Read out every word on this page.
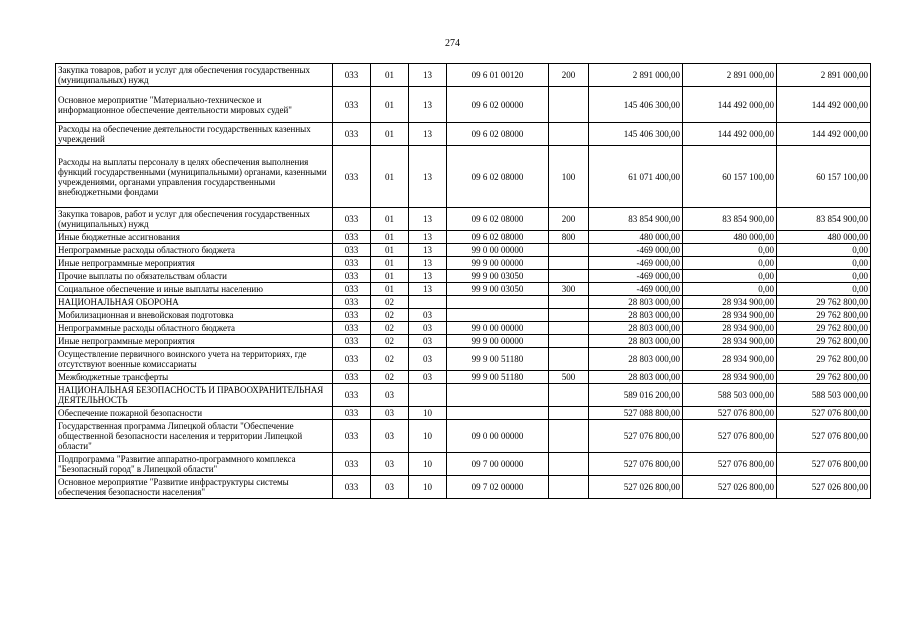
274
Закупка товаров, работ и услуг для обеспечения государственных (муниципальных) нужд	033	01	13	09 6 01 00120	200	2 891 000,00	2 891 000,00	2 891 000,00
Основное мероприятие "Материально-техническое и информационное обеспечение деятельности мировых судей"	033	01	13	09 6 02 00000		145 406 300,00	144 492 000,00	144 492 000,00
Расходы на обеспечение деятельности государственных казенных учреждений	033	01	13	09 6 02 08000		145 406 300,00	144 492 000,00	144 492 000,00
Расходы на выплаты персоналу в целях обеспечения выполнения функций государственными (муниципальными) органами, казенными учреждениями, органами управления государственными внебюджетными фондами	033	01	13	09 6 02 08000	100	61 071 400,00	60 157 100,00	60 157 100,00
Закупка товаров, работ и услуг для обеспечения государственных (муниципальных) нужд	033	01	13	09 6 02 08000	200	83 854 900,00	83 854 900,00	83 854 900,00
Иные бюджетные ассигнования	033	01	13	09 6 02 08000	800	480 000,00	480 000,00	480 000,00
Непрограммные расходы областного бюджета	033	01	13	99 0 00 00000		-469 000,00	0,00	0,00
Иные непрограммные мероприятия	033	01	13	99 9 00 00000		-469 000,00	0,00	0,00
Прочие выплаты по обязательствам области	033	01	13	99 9 00 03050		-469 000,00	0,00	0,00
Социальное обеспечение и иные выплаты населению	033	01	13	99 9 00 03050	300	-469 000,00	0,00	0,00
НАЦИОНАЛЬНАЯ ОБОРОНА	033	02				28 803 000,00	28 934 900,00	29 762 800,00
Мобилизационная и вневойсковая подготовка	033	02	03			28 803 000,00	28 934 900,00	29 762 800,00
Непрограммные расходы областного бюджета	033	02	03	99 0 00 00000		28 803 000,00	28 934 900,00	29 762 800,00
Иные непрограммные мероприятия	033	02	03	99 9 00 00000		28 803 000,00	28 934 900,00	29 762 800,00
Осуществление первичного воинского учета на территориях, где отсутствуют военные комиссариаты	033	02	03	99 9 00 51180		28 803 000,00	28 934 900,00	29 762 800,00
Межбюджетные трансферты	033	02	03	99 9 00 51180	500	28 803 000,00	28 934 900,00	29 762 800,00
НАЦИОНАЛЬНАЯ БЕЗОПАСНОСТЬ И ПРАВООХРАНИТЕЛЬНАЯ ДЕЯТЕЛЬНОСТЬ	033	03				589 016 200,00	588 503 000,00	588 503 000,00
Обеспечение пожарной безопасности	033	03	10			527 088 800,00	527 076 800,00	527 076 800,00
Государственная программа Липецкой области "Обеспечение общественной безопасности населения и территории Липецкой области"	033	03	10	09 0 00 00000		527 076 800,00	527 076 800,00	527 076 800,00
Подпрограмма "Развитие аппаратно-программного комплекса "Безопасный город" в Липецкой области"	033	03	10	09 7 00 00000		527 076 800,00	527 076 800,00	527 076 800,00
Основное мероприятие "Развитие инфраструктуры системы обеспечения безопасности населения"	033	03	10	09 7 02 00000		527 026 800,00	527 026 800,00	527 026 800,00
